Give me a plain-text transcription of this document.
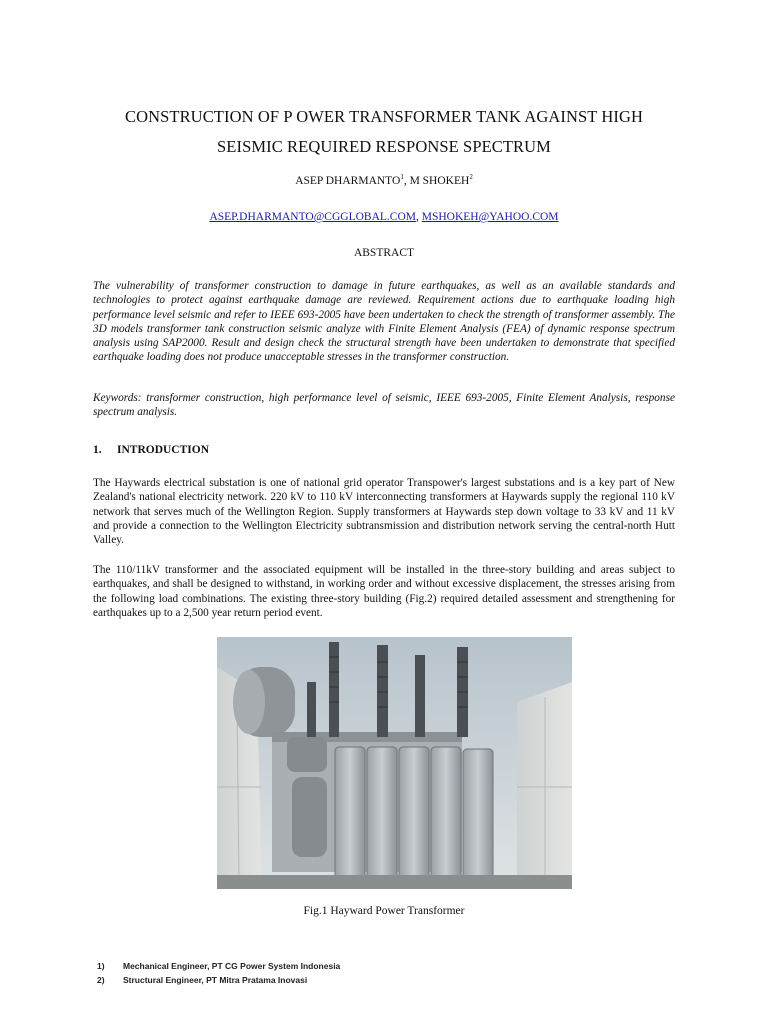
CONSTRUCTION OF P OWER TRANSFORMER TANK AGAINST HIGH
SEISMIC REQUIRED RESPONSE SPECTRUM
ASEP DHARMANTO$^1$, M SHOKEH$^2$
ASEP.DHARMANTO@CGGLOBAL.COM, MSHOKEH@YAHOO.COM
ABSTRACT

The vulnerability of transformer construction to damage in future earthquakes, as well as an available standards and technologies to protect against earthquake damage are reviewed. Requirement actions due to earthquake loading high performance level seismic and refer to IEEE 693-2005 have been undertaken to check the strength of transformer assembly. The 3D models transformer tank construction seismic analyze with Finite Element Analysis (FEA) of dynamic response spectrum analysis using SAP2000. Result and design check the structural strength have been undertaken to demonstrate that specified earthquake loading does not produce unacceptable stresses in the transformer construction.

Keywords: transformer construction, high performance level of seismic, IEEE 693-2005, Finite Element Analysis, response spectrum analysis.

1. INTRODUCTION

The Haywards electrical substation is one of national grid operator Transpower's largest substations and is a key part of New Zealand's national electricity network. 220 kV to 110 kV interconnecting transformers at Haywards supply the regional 110 kV network that serves much of the Wellington Region. Supply transformers at Haywards step down voltage to 33 kV and 11 kV and provide a connection to the Wellington Electricity subtransmission and distribution network serving the central-north Hutt Valley.

The 110/11kV transformer and the associated equipment will be installed in the three-story building and areas subject to earthquakes, and shall be designed to withstand, in working order and without excessive displacement, the stresses arising from the following load combinations. The existing three-story building (Fig.2) required detailed assessment and strengthening for earthquakes up to a 2,500 year return period event.

Fig.1 Hayward Power Transformer
1) Mechanical Engineer, PT CG Power System Indonesia
2) Structural Engineer, PT Mitra Pratama Inovasi
